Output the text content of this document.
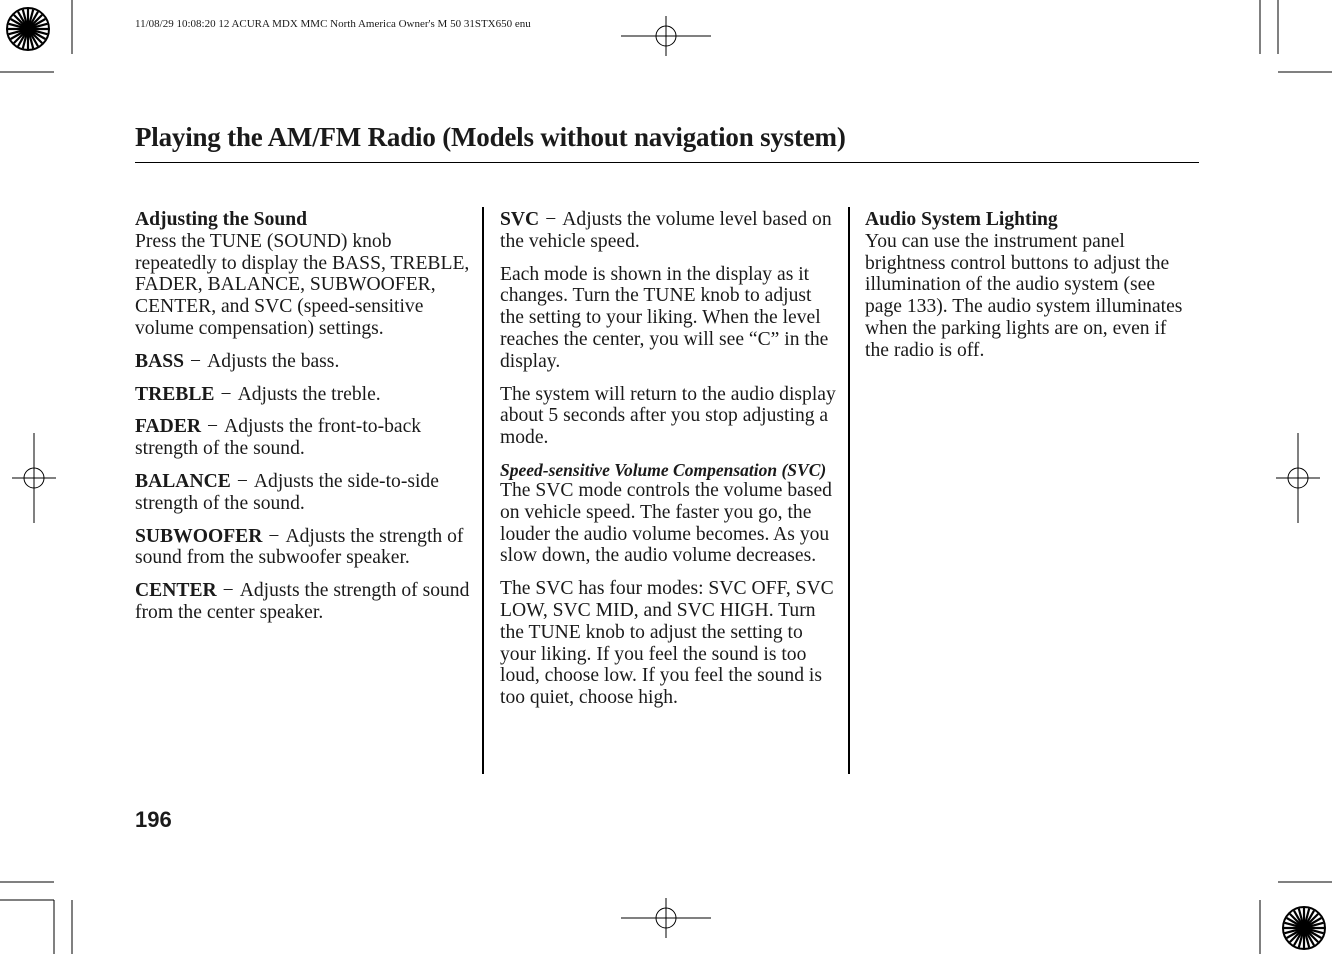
11/08/29 10:08:20 12 ACURA MDX MMC North America Owner's M 50 31STX650 enu
Playing the AM/FM Radio (Models without navigation system)

Adjusting the Sound
Press the TUNE (SOUND) knob repeatedly to display the BASS, TREBLE, FADER, BALANCE, SUBWOOFER, CENTER, and SVC (speed-sensitive volume compensation) settings.

BASS − Adjusts the bass.

TREBLE − Adjusts the treble.

FADER − Adjusts the front-to-back strength of the sound.

BALANCE − Adjusts the side-to-side strength of the sound.

SUBWOOFER − Adjusts the strength of sound from the subwoofer speaker.

CENTER − Adjusts the strength of sound from the center speaker.

SVC − Adjusts the volume level based on the vehicle speed.

Each mode is shown in the display as it changes. Turn the TUNE knob to adjust the setting to your liking. When the level reaches the center, you will see “C” in the display.

The system will return to the audio display about 5 seconds after you stop adjusting a mode.

Speed-sensitive Volume Compensation (SVC)
The SVC mode controls the volume based on vehicle speed. The faster you go, the louder the audio volume becomes. As you slow down, the audio volume decreases.

The SVC has four modes: SVC OFF, SVC LOW, SVC MID, and SVC HIGH. Turn the TUNE knob to adjust the setting to your liking. If you feel the sound is too loud, choose low. If you feel the sound is too quiet, choose high.

Audio System Lighting
You can use the instrument panel brightness control buttons to adjust the illumination of the audio system (see page 133). The audio system illuminates when the parking lights are on, even if the radio is off.

196
